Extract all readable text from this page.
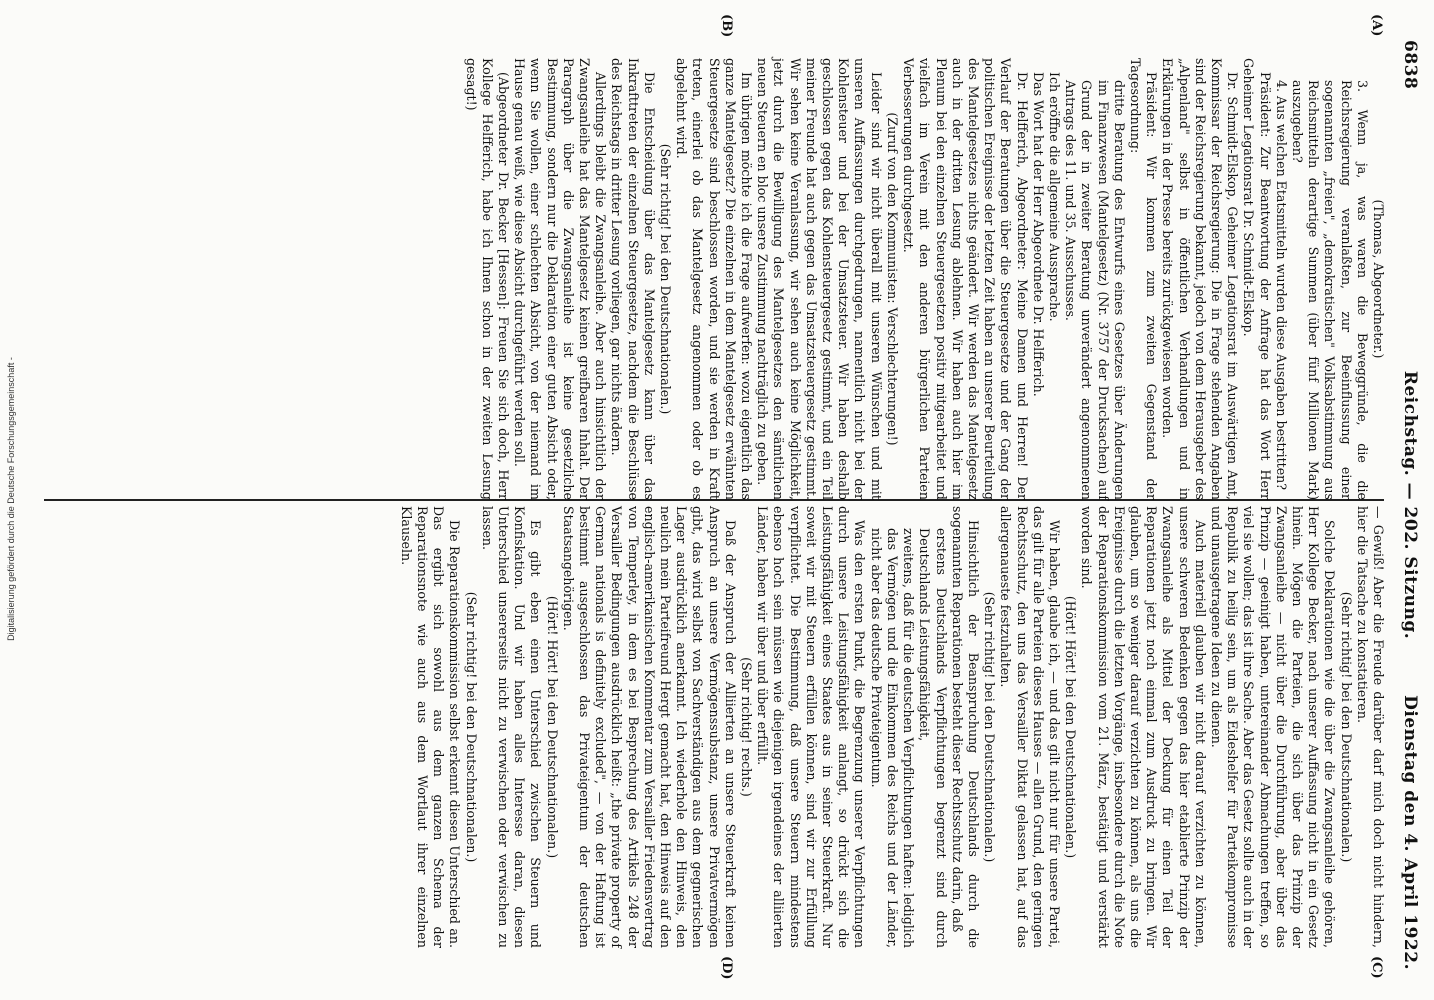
6838
Reichstag. — 202. Sitzung.
Dienstag den 4. April 1922.
(A)
(B)
(C)
(D)

(Thomas, Abgeordneter.)

3. Wenn ja, was waren die Beweggründe, die die Reichsregierung veranlaßten, zur Beeinflussung einer sogenannten „freien", „demokratischen" Volksabstimmung aus Reichsmitteln derartige Summen (über fünf Millionen Mark) auszugeben?

4. Aus welchen Etatsmitteln wurden diese Ausgaben bestritten?

Präsident: Zur Beantwortung der Anfrage hat das Wort Herr Geheimer Legationsrat Dr. Schmidt-Elskop.

Dr. Schmidt-Elskop, Geheimer Legationsrat im Auswärtigen Amt, Kommissar der Reichsregierung: Die in Frage stehenden Angaben sind der Reichsregierung bekannt, jedoch von dem Herausgeber des „Alpenland" selbst in öffentlichen Verhandlungen und in Erklärungen in der Presse bereits zurückgewiesen worden.

Präsident: Wir kommen zum zweiten Gegenstand der Tagesordnung:

dritte Beratung des Entwurfs eines Gesetzes über Änderungen im Finanzwesen (Mantelgesetz) (Nr. 3757 der Drucksachen) auf Grund der in zweiter Beratung unverändert angenommenen Antrags des 11. und 35. Ausschusses.

Ich eröffne die allgemeine Aussprache.

Das Wort hat der Herr Abgeordnete Dr. Helfferich.

Dr. Helfferich, Abgeordneter: Meine Damen und Herren! Der Verlauf der Beratungen über die Steuergesetze und der Gang der politischen Ereignisse der letzten Zeit haben an unserer Beurteilung des Mantelgesetzes nichts geändert. Wir werden das Mantelgesetz auch in der dritten Lesung ablehnen. Wir haben auch hier im Plenum bei den einzelnen Steuergesetzen positiv mitgearbeitet und vielfach im Verein mit den anderen bürgerlichen Parteien Verbesserungen durchgesetzt.

(Zuruf von den Kommunisten: Verschlechterungen!)

Leider sind wir nicht überall mit unseren Wünschen und mit unseren Auffassungen durchgedrungen, namentlich nicht bei der Kohlensteuer und bei der Umsatzsteuer. Wir haben deshalb geschlossen gegen das Kohlensteuergesetz gestimmt, und ein Teil meiner Freunde hat auch gegen das Umsatzsteuergesetz gestimmt. Wir sehen keine Veranlassung, wir sehen auch keine Möglichkeit, jetzt durch die Bewilligung des Mantelgesetzes den sämtlichen neuen Steuern en bloc unsere Zustimmung nachträglich zu geben.

Im übrigen möchte ich die Frage aufwerfen: wozu eigentlich das ganze Mantelgesetz? Die einzelnen in dem Mantelgesetz erwähnten Steuergesetze sind beschlossen worden, und sie werden in Kraft treten, einerlei ob das Mantelgesetz angenommen oder ob es abgelehnt wird.

(Sehr richtig! bei den Deutschnationalen.)

Die Entscheidung über das Mantelgesetz kann über das Inkrafttreten der einzelnen Steuergesetze, nachdem die Beschlüsse des Reichstags in dritter Lesung vorliegen, gar nichts ändern.

Allerdings bleibt die Zwangsanleihe. Aber auch hinsichtlich der Zwangsanleihe hat das Mantelgesetz keinen greifbaren Inhalt. Der Paragraph über die Zwangsanleihe ist keine gesetzliche Bestimmung, sondern nur die Deklaration einer guten Absicht oder, wenn Sie wollen, einer schlechten Absicht, von der niemand im Hause genau weiß, wie diese Absicht durchgeführt werden soll.

(Abgeordneter Dr. Becker [Hessen]: Freuen Sie sich doch, Herr Kollege Helfferich, habe ich Ihnen schon in der zweiten Lesung gesagt!)

— Gewiß! Aber die Freude darüber darf mich doch nicht hindern, hier die Tatsache zu konstatieren.

(Sehr richtig! bei den Deutschnationalen.)

Solche Deklarationen wie die über die Zwangsanleihe gehören, Herr Kollege Becker, nach unserer Auffassung nicht in ein Gesetz hinein. Mögen die Parteien, die sich über das Prinzip der Zwangsanleihe — nicht über die Durchführung, aber über das Prinzip — geeinigt haben, untereinander Abmachungen treffen, so viel sie wollen; das ist ihre Sache. Aber das Gesetz sollte auch in der Republik zu heilig sein, um als Eideshelfer für Parteikompromisse und unausgetragene Ideen zu dienen.

Auch materiell glauben wir nicht darauf verzichten zu können, unsere schweren Bedenken gegen das hier etablierte Prinzip der Zwangsanleihe als Mittel der Deckung für einen Teil der Reparationen jetzt noch einmal zum Ausdruck zu bringen. Wir glauben, um so weniger darauf verzichten zu können, als uns die Ereignisse durch die letzten Vorgänge, insbesondere durch die Note der Reparationskommission vom 21. März, bestätigt und verstärkt worden sind.

(Hört! Hört! bei den Deutschnationalen.)

Wir haben, glaube ich, — und das gilt nicht nur für unsere Partei, das gilt für alle Parteien dieses Hauses — allen Grund, den geringen Rechtsschutz, den uns das Versailler Diktat gelassen hat, auf das allergenaueste festzuhalten.

(Sehr richtig! bei den Deutschnationalen.)

Hinsichtlich der Beanspruchung Deutschlands durch die sogenannten Reparationen besteht dieser Rechtsschutz darin, daß

erstens Deutschlands Verpflichtungen begrenzt sind durch Deutschlands Leistungsfähigkeit,

zweitens, daß für die deutschen Verpflichtungen haften: lediglich das Vermögen und die Einkommen des Reichs und der Länder, nicht aber das deutsche Privateigentum.

Was den ersten Punkt, die Begrenzung unserer Verpflichtungen durch unsere Leistungsfähigkeit anlangt, so drückt sich die Leistungsfähigkeit eines Staates aus in seiner Steuerkraft. Nur soweit wir mit Steuern erfüllen können, sind wir zur Erfüllung verpflichtet. Die Bestimmung, daß unsere Steuern mindestens ebenso hoch sein müssen wie diejenigen irgendeines der alliierten Länder, haben wir über und über erfüllt.

(Sehr richtig! rechts.)

Daß der Anspruch der Alliierten an unsere Steuerkraft keinen Anspruch an unsere Vermögenssubstanz, unsere Privatvermögen gibt, das wird selbst von Sachverständigen aus dem gegnerischen Lager ausdrücklich anerkannt. Ich wiederhole den Hinweis, den neulich mein Parteifreund Hergt gemacht hat, den Hinweis auf den englisch-amerikanischen Kommentar zum Versailler Friedensvertrag von Temperley, in dem es bei Besprechung des Artikels 248 der Versailler Bedingungen ausdrücklich heißt: „the private property of German nationals is definitely excluded", — von der Haftung ist bestimmt ausgeschlossen das Privateigentum der deutschen Staatsangehörigen.

(Hört! Hört! bei den Deutschnationalen.)

Es gibt eben einen Unterschied zwischen Steuern und Konfiskation. Und wir haben alles Interesse daran, diesen Unterschied unsererseits nicht zu verwischen oder verwischen zu lassen.

(Sehr richtig! bei den Deutschnationalen.)

Die Reparationskommission selbst erkennt diesen Unterschied an. Das ergibt sich sowohl aus dem ganzen Schema der Reparationsnote wie auch aus dem Wortlaut ihrer einzelnen Klauseln.

Digitalisierung gefördert durch die Deutsche Forschungsgemeinschaft -
